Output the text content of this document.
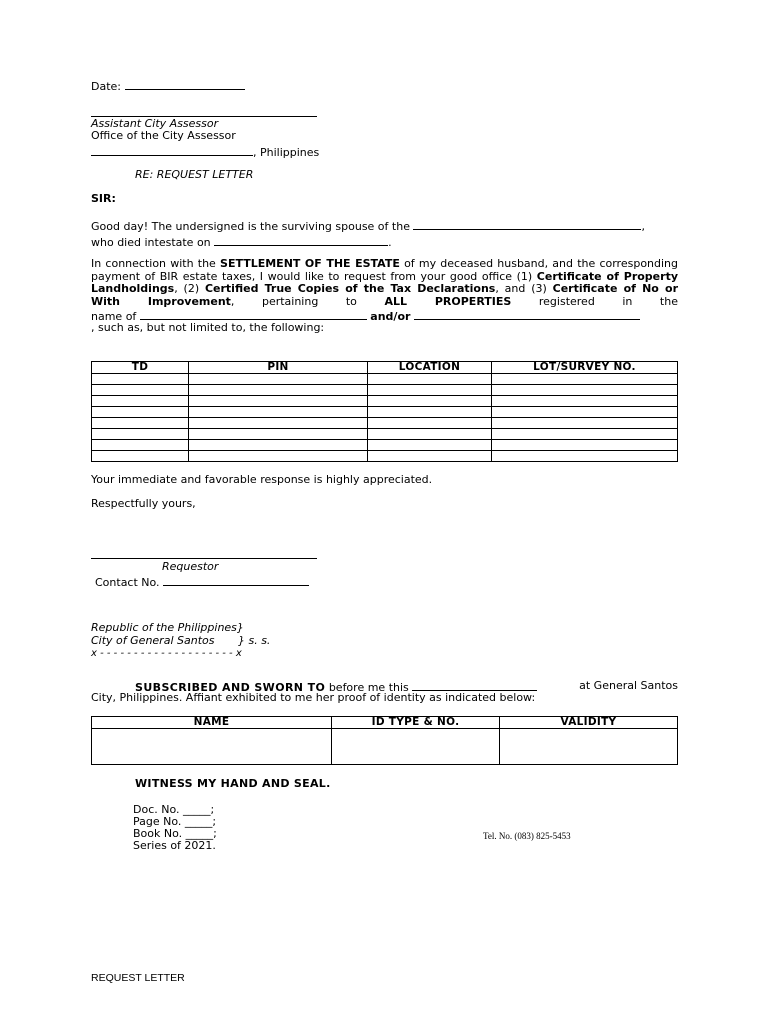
Date:
Assistant City Assessor
Office of the City Assessor
, Philippines
RE: REQUEST LETTER
SIR:
Good day! The undersigned is the surviving spouse of the	,
who died intestate on	.
In connection with the SETTLEMENT OF THE ESTATE of my deceased husband, and the corresponding payment of BIR estate taxes, I would like to request from your good office (1) Certificate of Property Landholdings, (2) Certified True Copies of the Tax Declarations, and (3) Certificate of No or With Improvement, pertaining to	ALL PROPERTIES	registered in the
name of	and/or
, such as, but not limited to, the following:
TD	PIN	LOCATION	LOT/SURVEY NO.

Your immediate and favorable response is highly appreciated.
Respectfully yours,
Requestor
Contact No.
Republic of the Philippines}
City of General Santos } s. s.
x - - - - - - - - - - - - - - - - - - - - x
SUBSCRIBED AND SWORN TO before me this	at General Santos
City, Philippines. Affiant exhibited to me her proof of identity as indicated below:
NAME	ID TYPE & NO.	VALIDITY

WITNESS MY HAND AND SEAL.
Doc. No. _____;
Page No. _____;
Book No. _____;
Series of 2021.
Tel. No. (083) 825-5453
REQUEST LETTER
